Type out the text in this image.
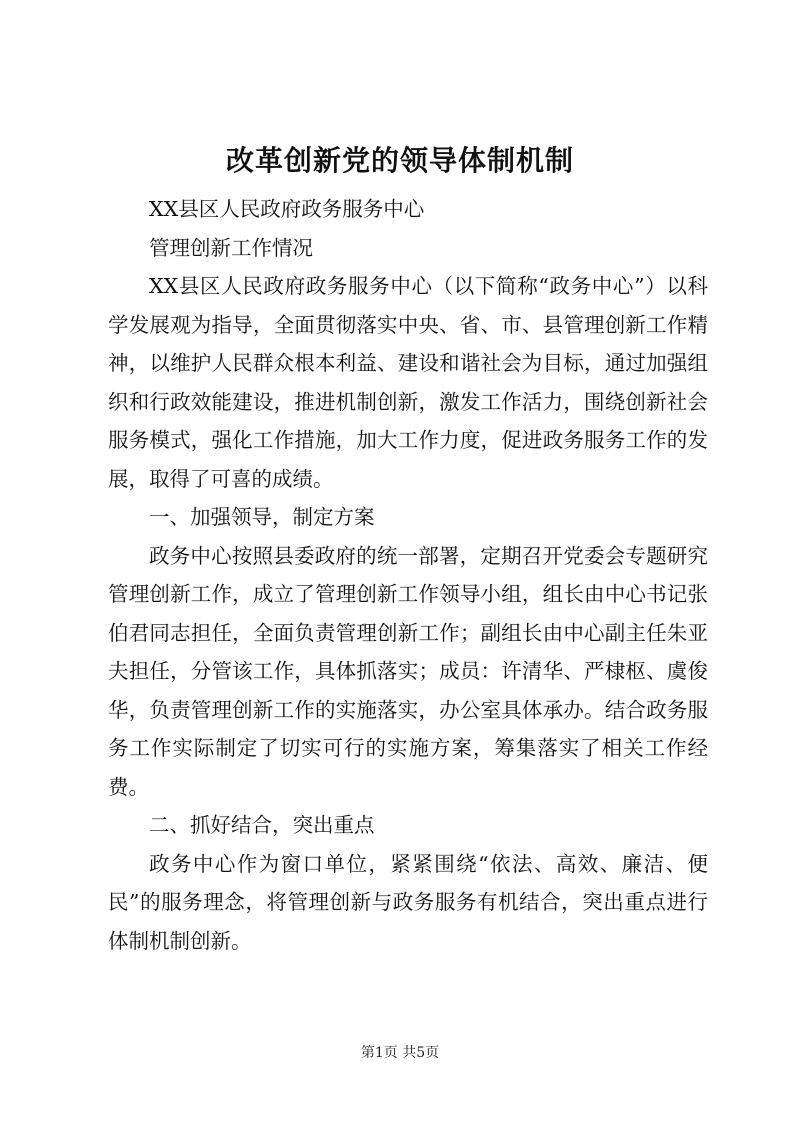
改革创新党的领导体制机制

XX县区人民政府政务服务中心

管理创新工作情况

XX县区人民政府政务服务中心（以下简称“政务中心”）以科学发展观为指导，全面贯彻落实中央、省、市、县管理创新工作精神，以维护人民群众根本利益、建设和谐社会为目标，通过加强组织和行政效能建设，推进机制创新，激发工作活力，围绕创新社会服务模式，强化工作措施，加大工作力度，促进政务服务工作的发展，取得了可喜的成绩。

一、加强领导，制定方案

政务中心按照县委政府的统一部署，定期召开党委会专题研究管理创新工作，成立了管理创新工作领导小组，组长由中心书记张伯君同志担任，全面负责管理创新工作；副组长由中心副主任朱亚夫担任，分管该工作，具体抓落实；成员：许清华、严棣枢、虞俊华，负责管理创新工作的实施落实，办公室具体承办。结合政务服务工作实际制定了切实可行的实施方案，筹集落实了相关工作经费。

二、抓好结合，突出重点

政务中心作为窗口单位，紧紧围绕“依法、高效、廉洁、便民”的服务理念，将管理创新与政务服务有机结合，突出重点进行体制机制创新。

第1页 共5页
